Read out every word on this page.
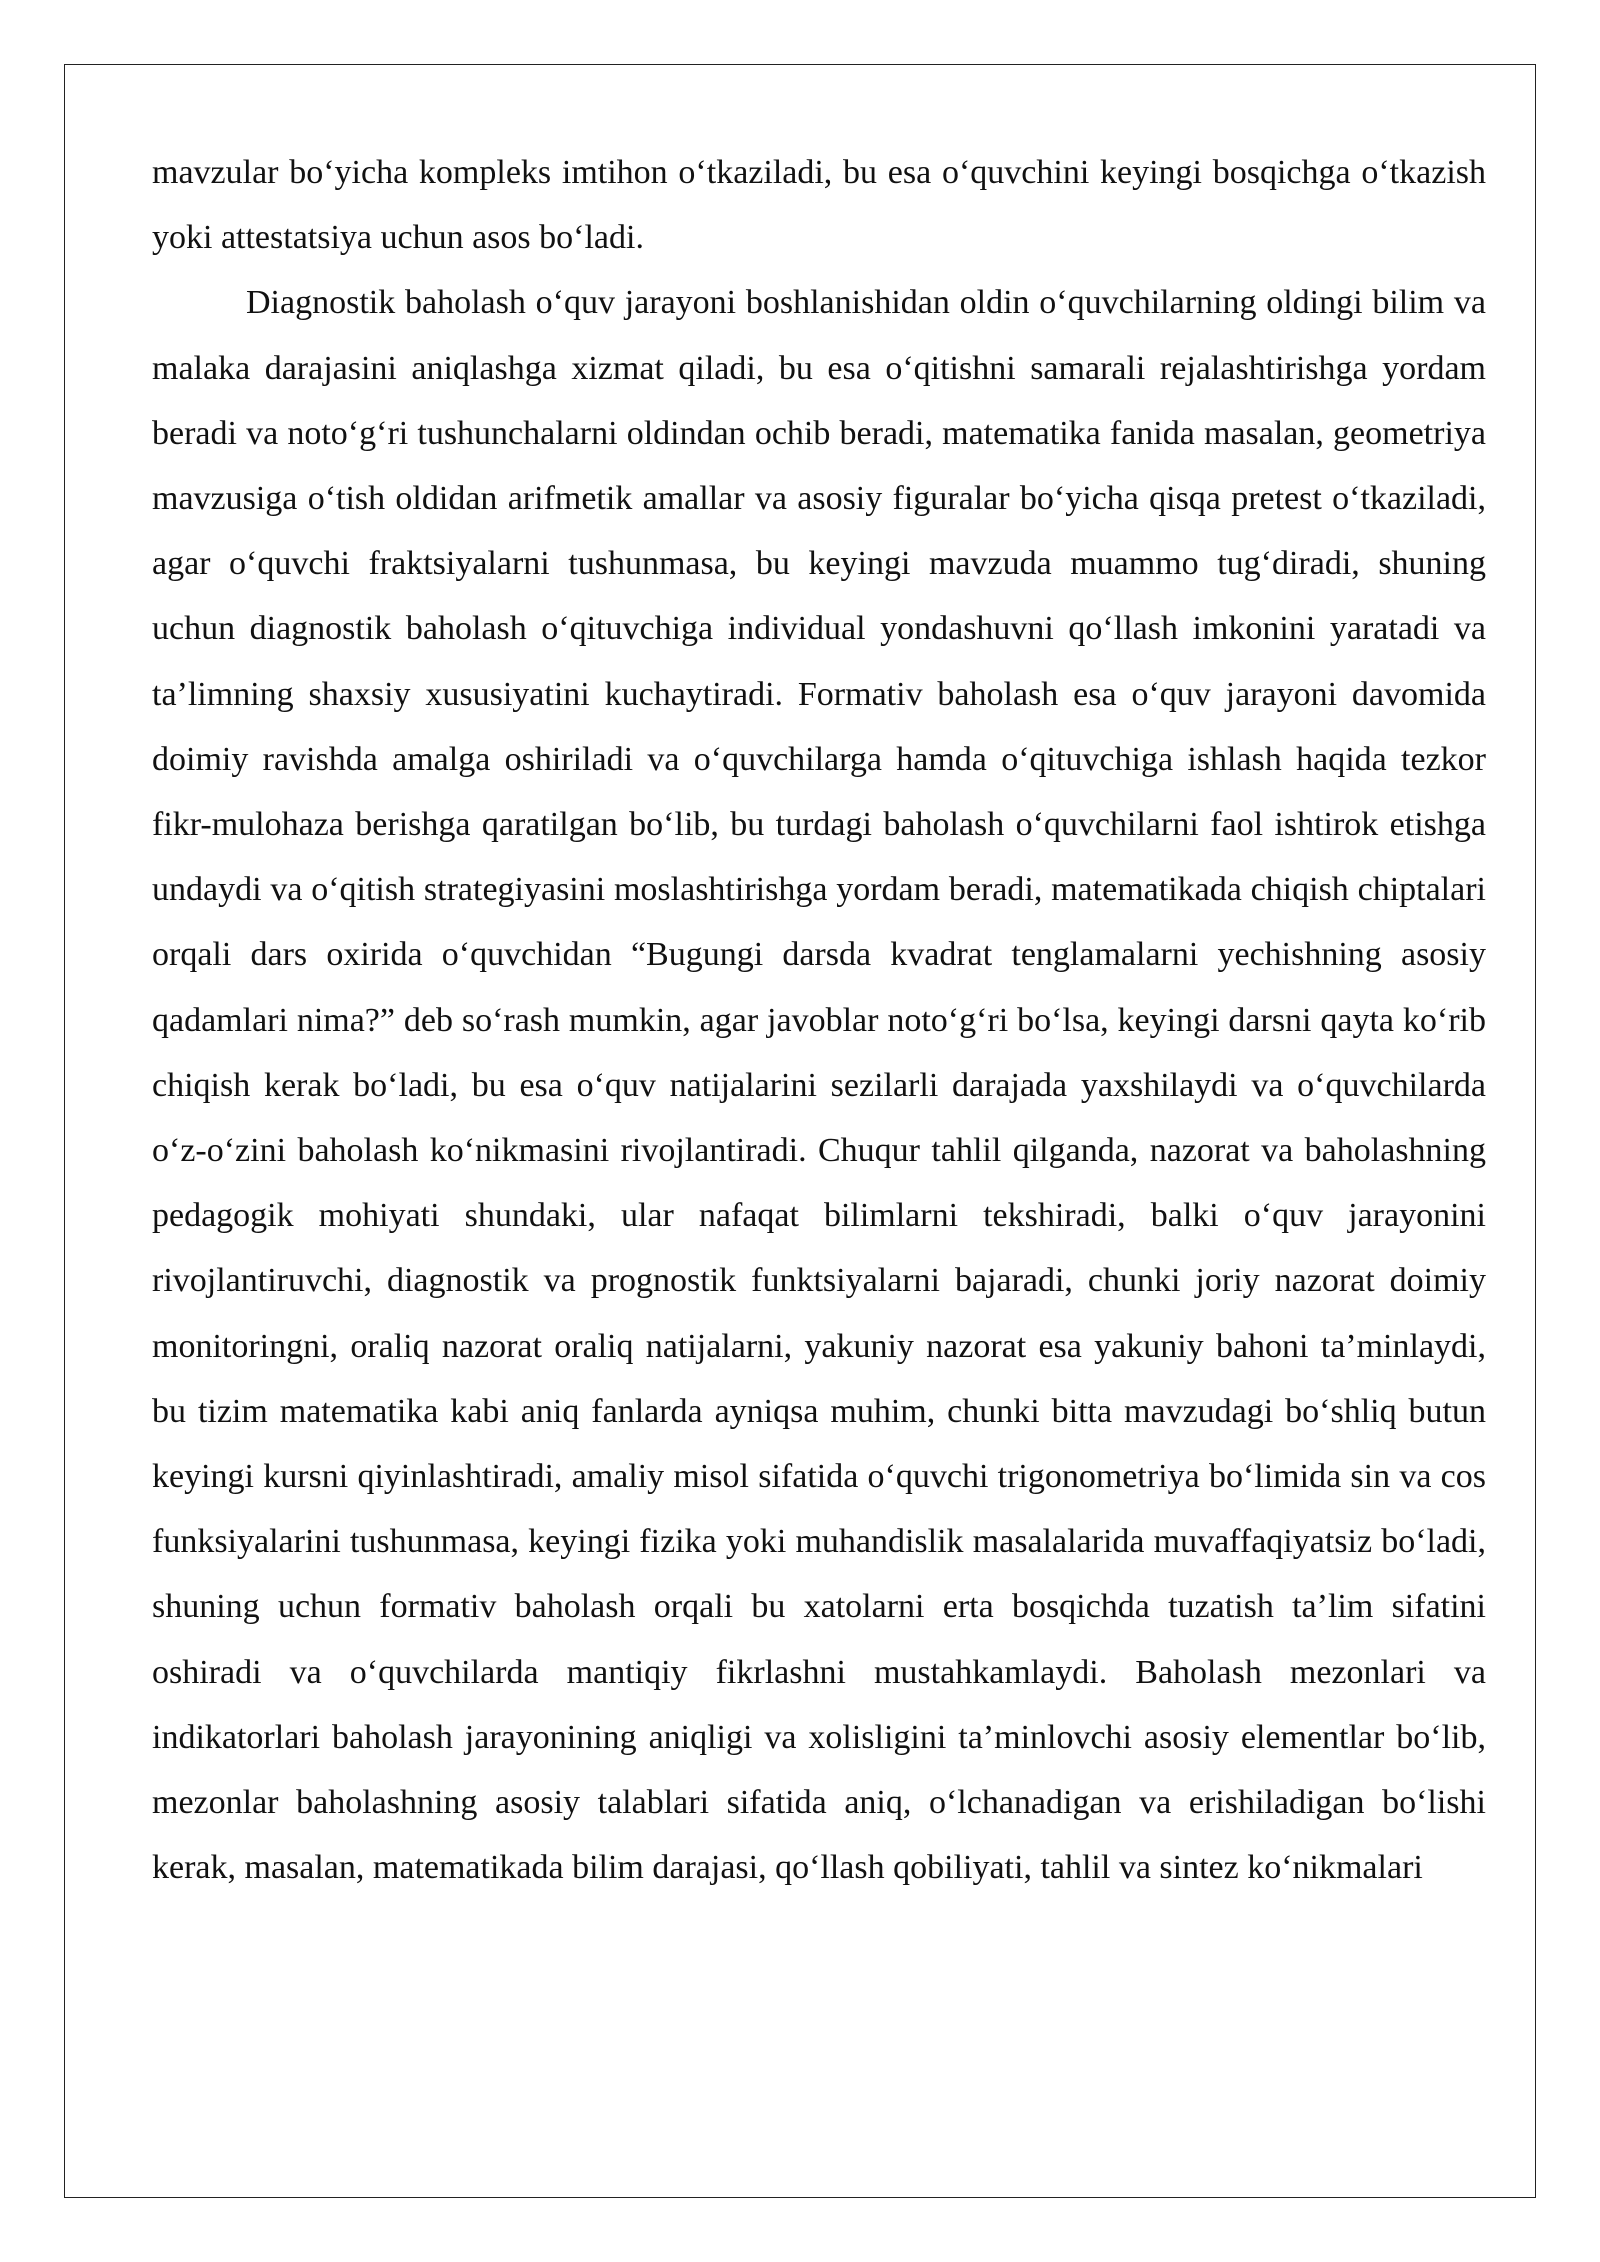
mavzular bo‘yicha kompleks imtihon o‘tkaziladi, bu esa o‘quvchini keyingi bosqichga o‘tkazish yoki attestatsiya uchun asos bo‘ladi.

Diagnostik baholash o‘quv jarayoni boshlanishidan oldin o‘quvchilarning oldingi bilim va malaka darajasini aniqlashga xizmat qiladi, bu esa o‘qitishni samarali rejalashtirishga yordam beradi va noto‘g‘ri tushunchalarni oldindan ochib beradi, matematika fanida masalan, geometriya mavzusiga o‘tish oldidan arifmetik amallar va asosiy figuralar bo‘yicha qisqa pretest o‘tkaziladi, agar o‘quvchi fraktsiyalarni tushunmasa, bu keyingi mavzuda muammo tug‘diradi, shuning uchun diagnostik baholash o‘qituvchiga individual yondashuvni qo‘llash imkonini yaratadi va ta’limning shaxsiy xususiyatini kuchaytiradi. Formativ baholash esa o‘quv jarayoni davomida doimiy ravishda amalga oshiriladi va o‘quvchilarga hamda o‘qituvchiga ishlash haqida tezkor fikr-mulohaza berishga qaratilgan bo‘lib, bu turdagi baholash o‘quvchilarni faol ishtirok etishga undaydi va o‘qitish strategiyasini moslashtirishga yordam beradi, matematikada chiqish chiptalari orqali dars oxirida o‘quvchidan “Bugungi darsda kvadrat tenglamalarni yechishning asosiy qadamlari nima?” deb so‘rash mumkin, agar javoblar noto‘g‘ri bo‘lsa, keyingi darsni qayta ko‘rib chiqish kerak bo‘ladi, bu esa o‘quv natijalarini sezilarli darajada yaxshilaydi va o‘quvchilarda o‘z-o‘zini baholash ko‘nikmasini rivojlantiradi. Chuqur tahlil qilganda, nazorat va baholashning pedagogik mohiyati shundaki, ular nafaqat bilimlarni tekshiradi, balki o‘quv jarayonini rivojlantiruvchi, diagnostik va prognostik funktsiyalarni bajaradi, chunki joriy nazorat doimiy monitoringni, oraliq nazorat oraliq natijalarni, yakuniy nazorat esa yakuniy bahoni ta’minlaydi, bu tizim matematika kabi aniq fanlarda ayniqsa muhim, chunki bitta mavzudagi bo‘shliq butun keyingi kursni qiyinlashtiradi, amaliy misol sifatida o‘quvchi trigonometriya bo‘limida sin va cos funksiyalarini tushunmasa, keyingi fizika yoki muhandislik masalalarida muvaffaqiyatsiz bo‘ladi, shuning uchun formativ baholash orqali bu xatolarni erta bosqichda tuzatish ta’lim sifatini oshiradi va o‘quvchilarda mantiqiy fikrlashni mustahkamlaydi. Baholash mezonlari va indikatorlari baholash jarayonining aniqligi va xolisligini ta’minlovchi asosiy elementlar bo‘lib, mezonlar baholashning asosiy talablari sifatida aniq, o‘lchanadigan va erishiladigan bo‘lishi kerak, masalan, matematikada bilim darajasi, qo‘llash qobiliyati, tahlil va sintez ko‘nikmalari
